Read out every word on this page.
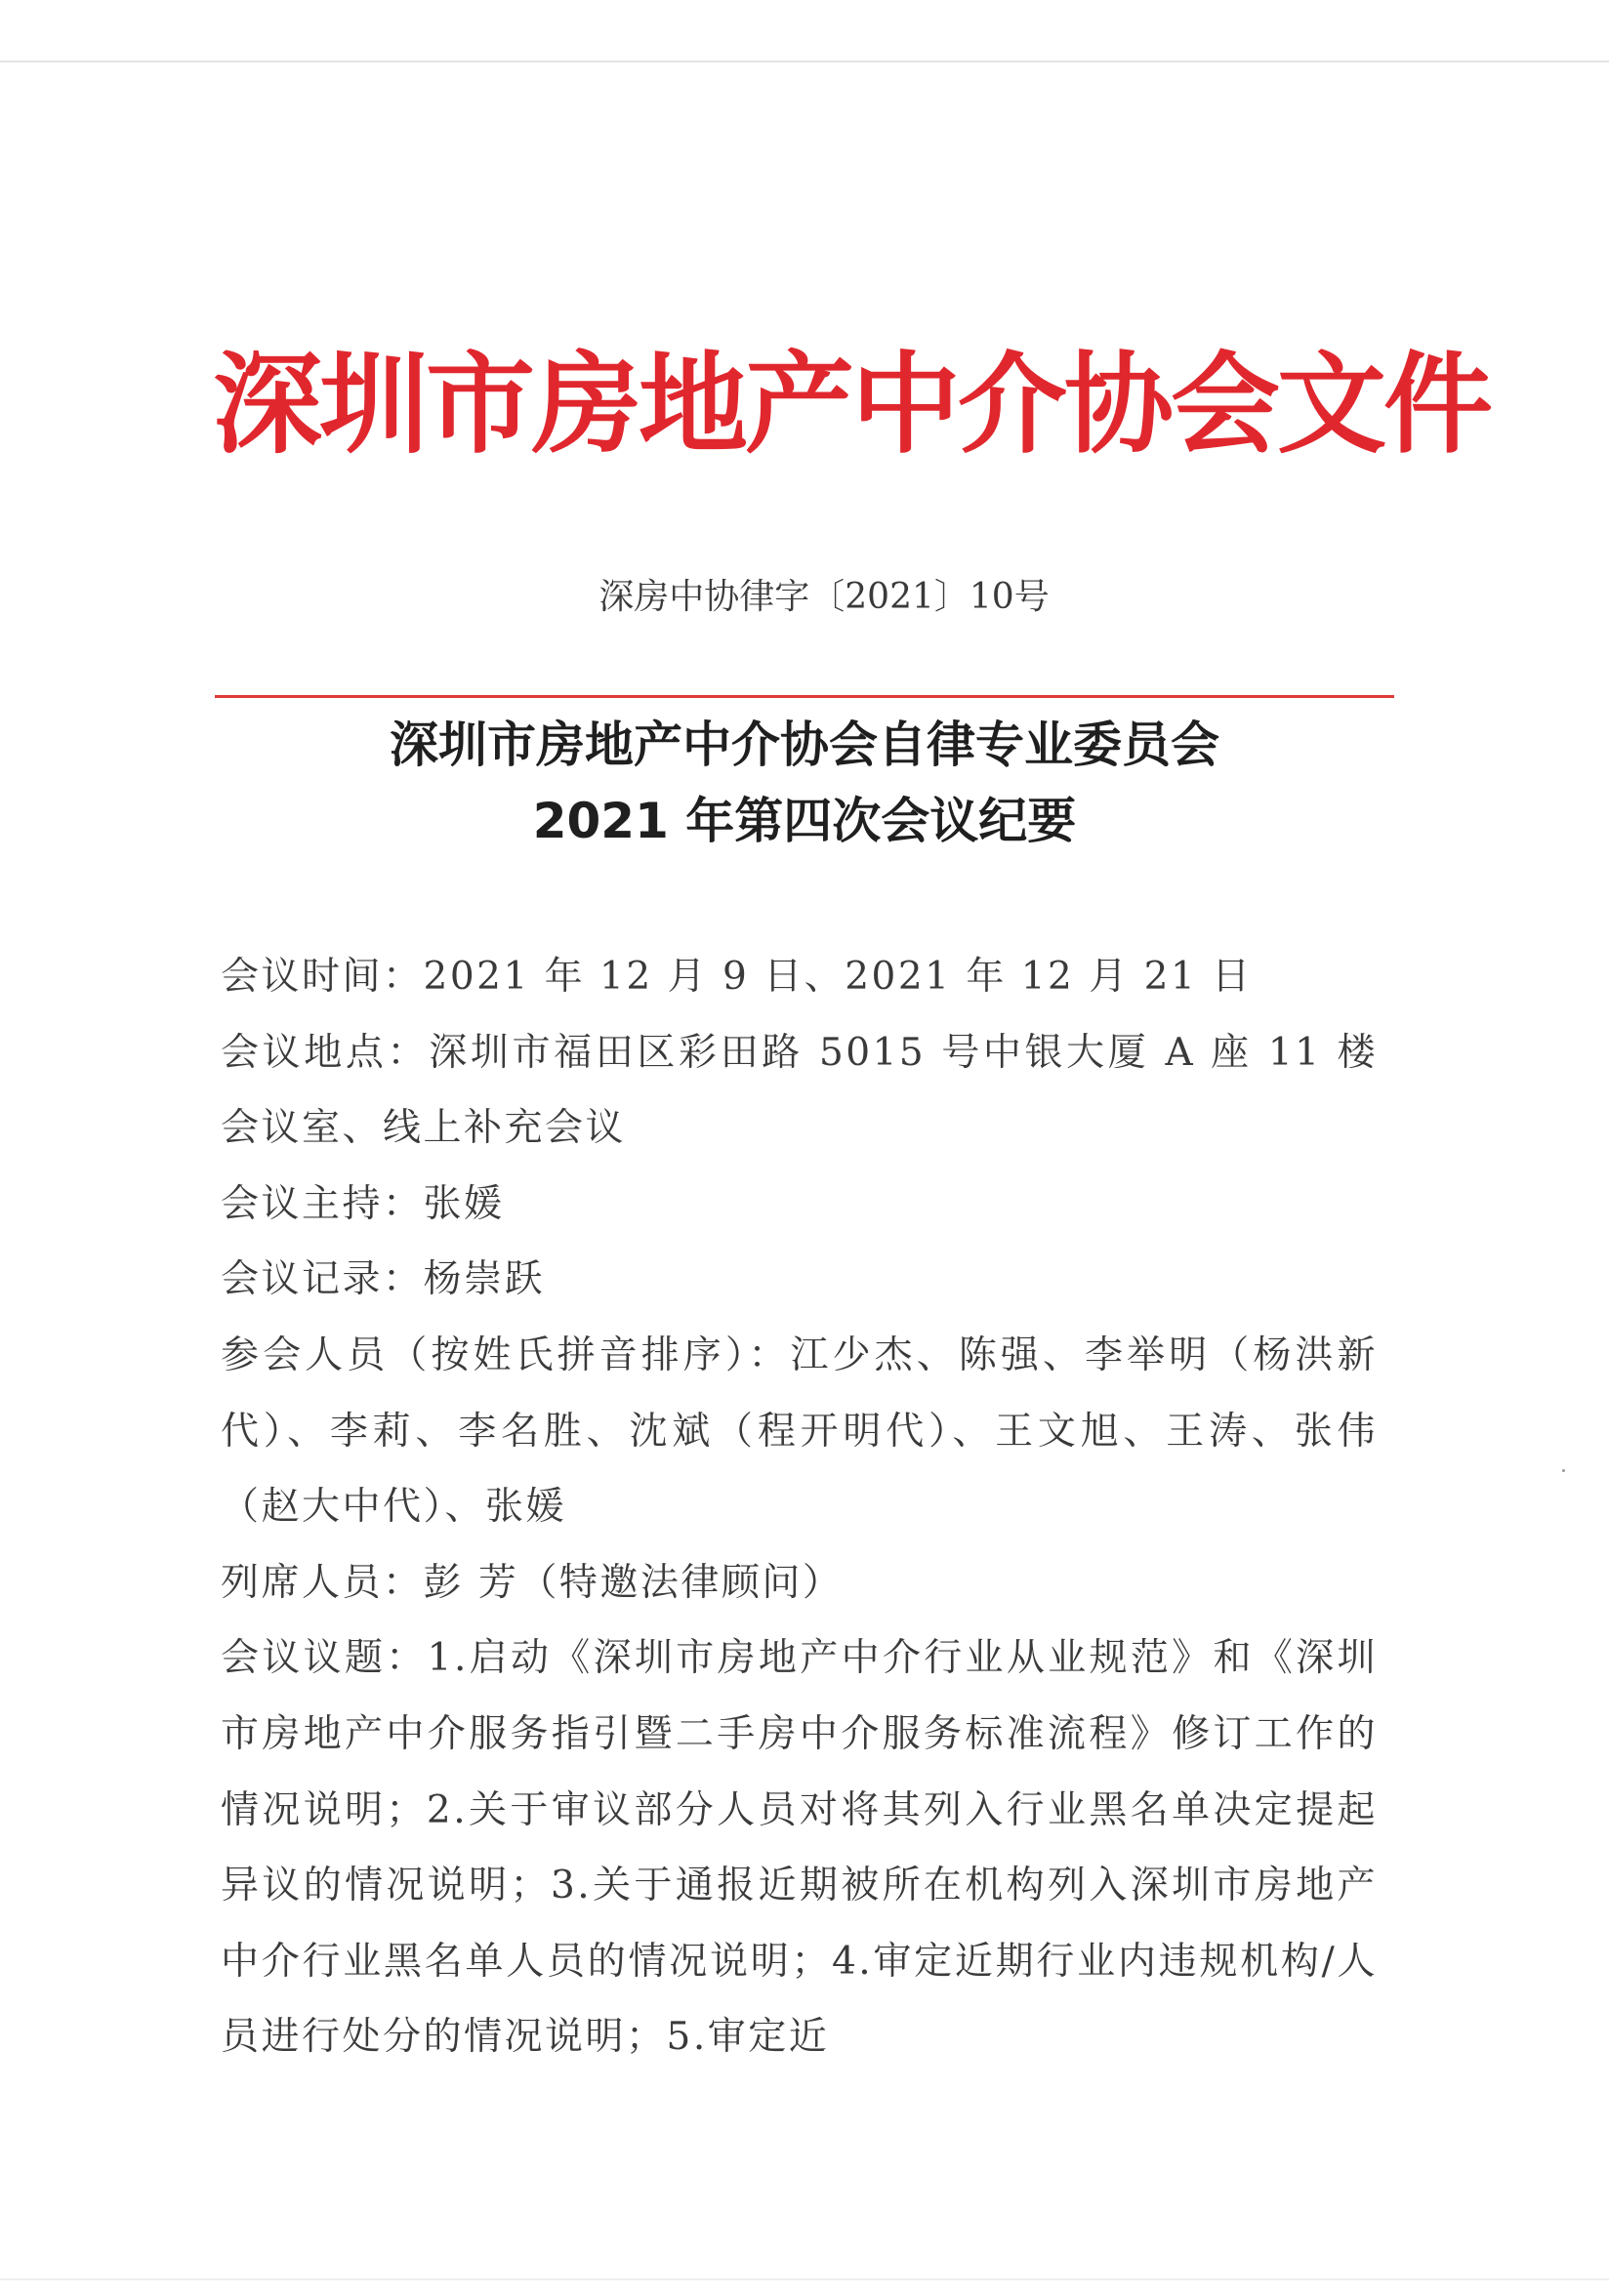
深圳市房地产中介协会文件
深房中协律字〔2021〕10号
深圳市房地产中介协会自律专业委员会
2021 年第四次会议纪要

会议时间：2021 年 12 月 9 日、2021 年 12 月 21 日

会议地点：深圳市福田区彩田路 5015 号中银大厦 A 座 11 楼会议室、线上补充会议

会议主持：张媛

会议记录：杨崇跃

参会人员（按姓氏拼音排序）：江少杰、陈强、李举明（杨洪新代）、李莉、李名胜、沈斌（程开明代）、王文旭、王涛、张伟（赵大中代）、张媛

列席人员：彭 芳（特邀法律顾问）

会议议题：1.启动《深圳市房地产中介行业从业规范》和《深圳市房地产中介服务指引暨二手房中介服务标准流程》修订工作的情况说明；2.关于审议部分人员对将其列入行业黑名单决定提起异议的情况说明；3.关于通报近期被所在机构列入深圳市房地产中介行业黑名单人员的情况说明；4.审定近期行业内违规机构/人员进行处分的情况说明；5.审定近
